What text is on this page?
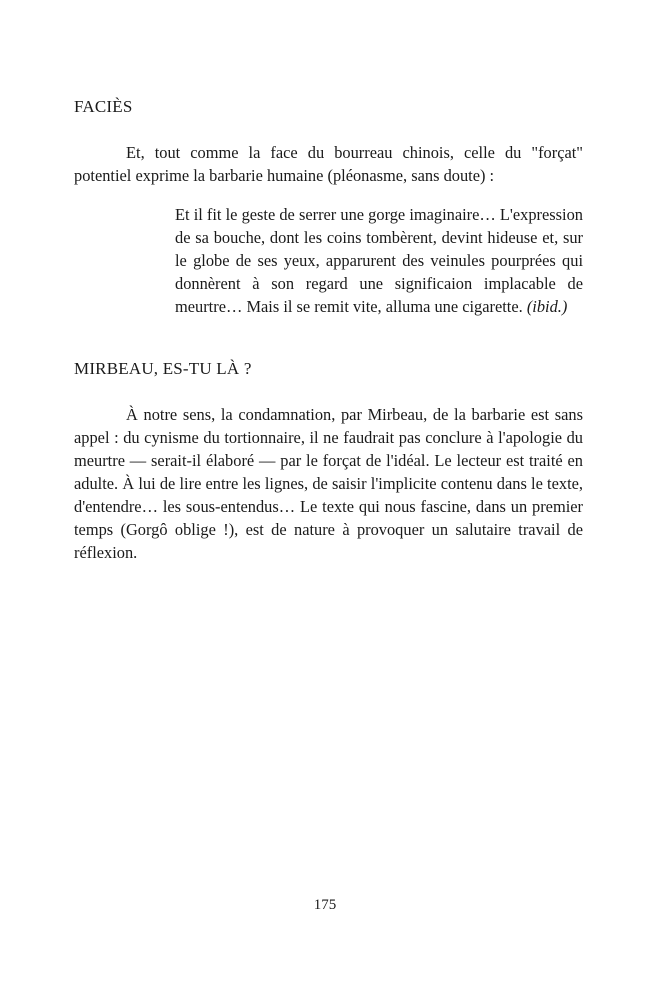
FACIÈS

Et, tout comme la face du bourreau chinois, celle du "forçat" potentiel exprime la barbarie humaine (pléonasme, sans doute) :

Et il fit le geste de serrer une gorge imaginaire… L'expression de sa bouche, dont les coins tombèrent, devint hideuse et, sur le globe de ses yeux, apparurent des veinules pourprées qui donnèrent à son regard une significaion implacable de meurtre… Mais il se remit vite, alluma une cigarette. (ibid.)

MIRBEAU, ES-TU LÀ ?

À notre sens, la condamnation, par Mirbeau, de la barbarie est sans appel : du cynisme du tortionnaire, il ne faudrait pas conclure à l'apologie du meurtre — serait-il élaboré — par le forçat de l'idéal. Le lecteur est traité en adulte. À lui de lire entre les lignes, de saisir l'implicite contenu dans le texte, d'entendre… les sous-entendus… Le texte qui nous fascine, dans un premier temps (Gorgô oblige !), est de nature à provoquer un salutaire travail de réflexion.

175
